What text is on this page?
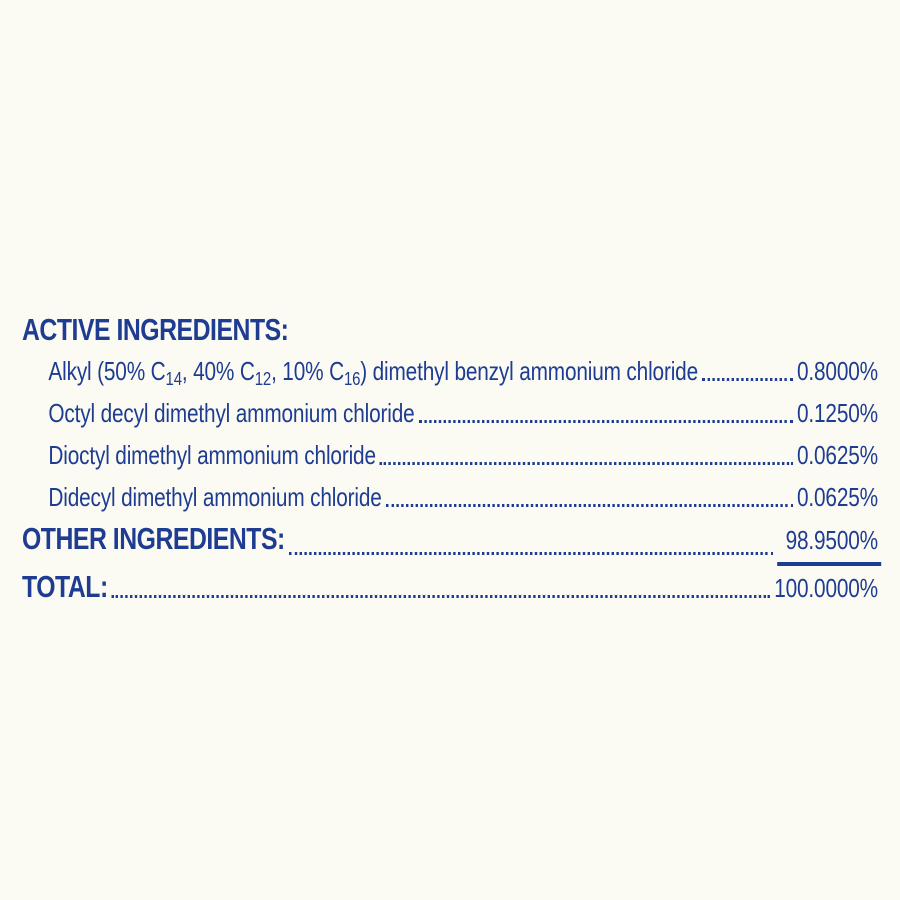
ACTIVE INGREDIENTS:
Alkyl (50% $C_{14}$, 40% $C_{12}$, 10% $C_{16}$) dimethyl benzyl ammonium chloride	0.8000%
Octyl decyl dimethyl ammonium chloride	0.1250%
Dioctyl dimethyl ammonium chloride	0.0625%
Didecyl dimethyl ammonium chloride	0.0625%
OTHER INGREDIENTS:	98.9500%
TOTAL:	100.0000%
